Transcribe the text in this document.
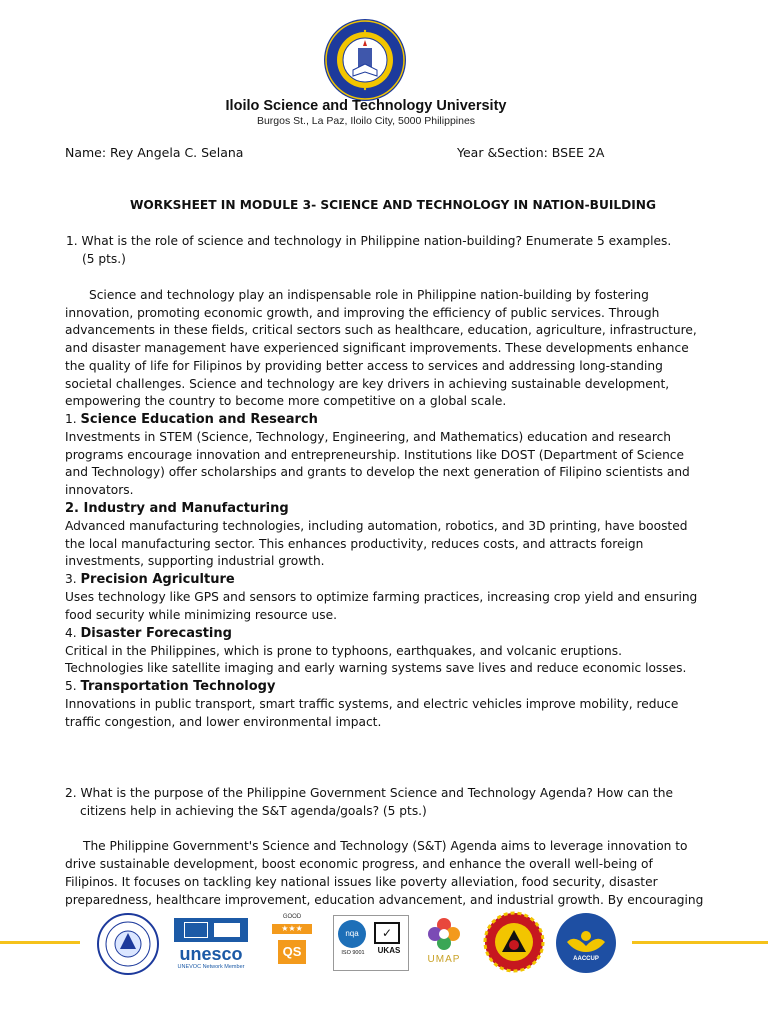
Iloilo Science and Technology University
Burgos St., La Paz, Iloilo City, 5000 Philippines
Name: Rey Angela C. Selana	Year &Section: BSEE 2A
WORKSHEET IN MODULE 3- SCIENCE AND TECHNOLOGY IN NATION-BUILDING
1. What is the role of science and technology in Philippine nation-building? Enumerate 5 examples.
(5 pts.)
Science and technology play an indispensable role in Philippine nation-building by fostering
innovation, promoting economic growth, and improving the efficiency of public services. Through
advancements in these fields, critical sectors such as healthcare, education, agriculture, infrastructure,
and disaster management have experienced significant improvements. These developments enhance
the quality of life for Filipinos by providing better access to services and addressing long-standing
societal challenges. Science and technology are key drivers in achieving sustainable development,
empowering the country to become more competitive on a global scale.
1. Science Education and Research
Investments in STEM (Science, Technology, Engineering, and Mathematics) education and research
programs encourage innovation and entrepreneurship. Institutions like DOST (Department of Science
and Technology) offer scholarships and grants to develop the next generation of Filipino scientists and
innovators.
2. Industry and Manufacturing
Advanced manufacturing technologies, including automation, robotics, and 3D printing, have boosted
the local manufacturing sector. This enhances productivity, reduces costs, and attracts foreign
investments, supporting industrial growth.
3. Precision Agriculture
Uses technology like GPS and sensors to optimize farming practices, increasing crop yield and ensuring
food security while minimizing resource use.
4. Disaster Forecasting
Critical in the Philippines, which is prone to typhoons, earthquakes, and volcanic eruptions.
Technologies like satellite imaging and early warning systems save lives and reduce economic losses.
5. Transportation Technology
Innovations in public transport, smart traffic systems, and electric vehicles improve mobility, reduce
traffic congestion, and lower environmental impact.
2. What is the purpose of the Philippine Government Science and Technology Agenda? How can the
citizens help in achieving the S&T agenda/goals? (5 pts.)
The Philippine Government's Science and Technology (S&T) Agenda aims to leverage innovation to
drive sustainable development, boost economic progress, and enhance the overall well-being of
Filipinos. It focuses on tackling key national issues like poverty alleviation, food security, disaster
preparedness, healthcare improvement, education advancement, and industrial growth. By encouraging
unesco
UNEVOC Network Member
GOOD
★★★
QS
nqa
ISO 9001
✓
UKAS
UMAP	AACCUP
